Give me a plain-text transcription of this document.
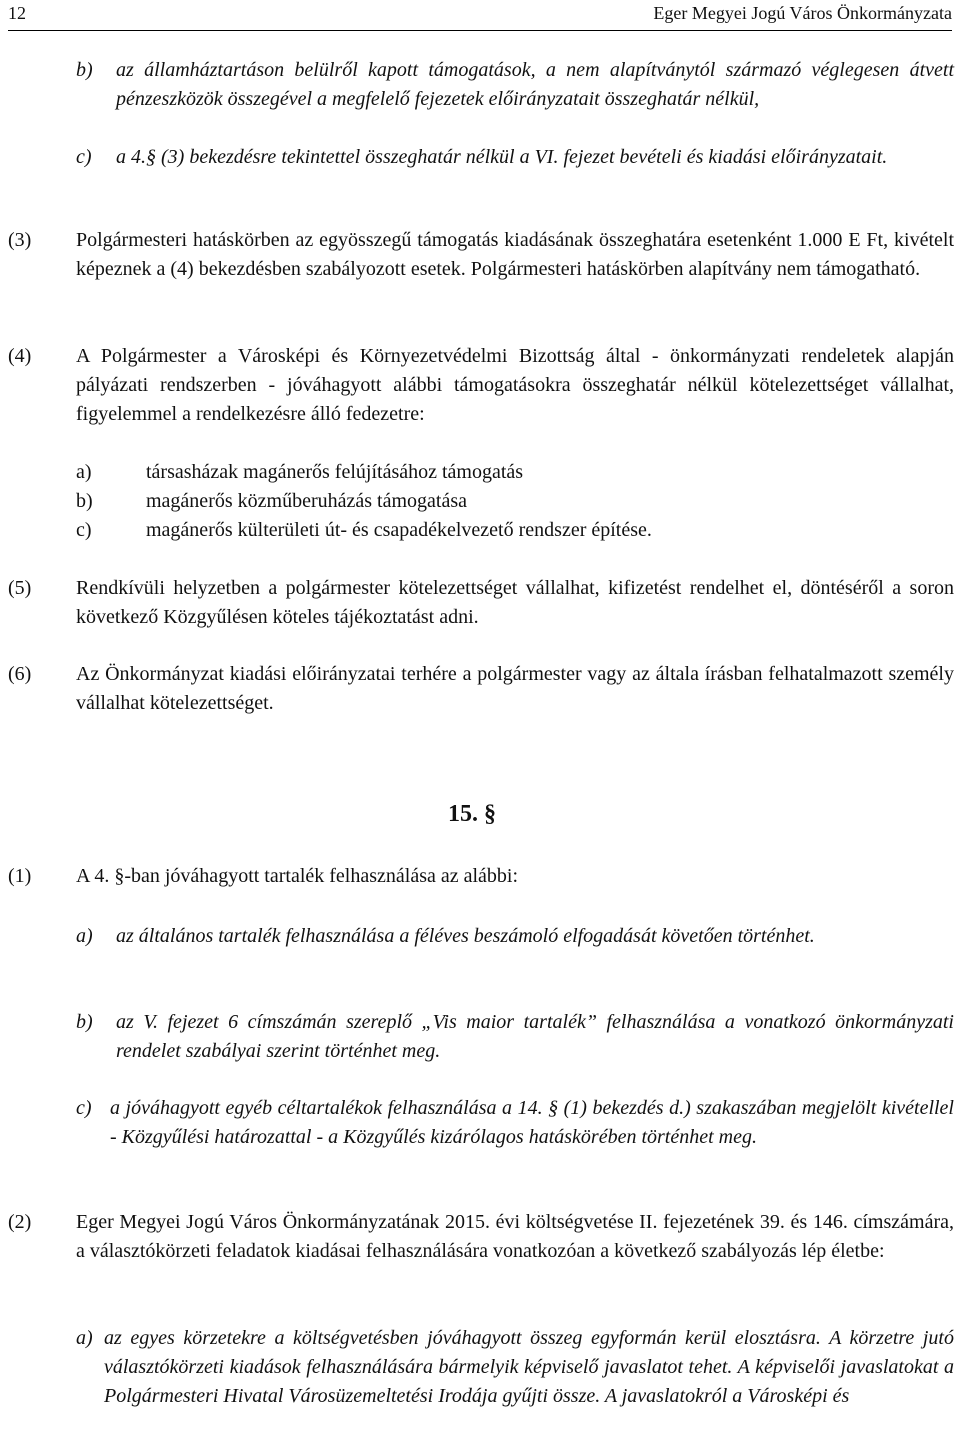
12	Eger Megyei Jogú Város Önkormányzata
b) az államháztartáson belülről kapott támogatások, a nem alapítványtól származó véglegesen átvett pénzeszközök összegével a megfelelő fejezetek előirányzatait összeghatár nélkül,
c) a 4.§ (3) bekezdésre tekintettel összeghatár nélkül a VI. fejezet bevételi és kiadási előirányzatait.
(3) Polgármesteri hatáskörben az egyösszegű támogatás kiadásának összeghatára esetenként 1.000 E Ft, kivételt képeznek a (4) bekezdésben szabályozott esetek. Polgármesteri hatáskörben alapítvány nem támogatható.
(4) A Polgármester a Városképi és Környezetvédelmi Bizottság által - önkormányzati rendeletek alapján pályázati rendszerben - jóváhagyott alábbi támogatásokra összeghatár nélkül kötelezettséget vállalhat, figyelemmel a rendelkezésre álló fedezetre:
a)	társasházak magánerős felújításához támogatás
b)	magánerős közműberuházás támogatása
c)	magánerős külterületi út- és csapadékelvezető rendszer építése.
(5) Rendkívüli helyzetben a polgármester kötelezettséget vállalhat, kifizetést rendelhet el, döntéséről a soron következő Közgyűlésen köteles tájékoztatást adni.
(6) Az Önkormányzat kiadási előirányzatai terhére a polgármester vagy az általa írásban felhatalmazott személy vállalhat kötelezettséget.
15. §
(1) A 4. §-ban jóváhagyott tartalék felhasználása az alábbi:
a) az általános tartalék felhasználása a féléves beszámoló elfogadását követően történhet.
b) az V. fejezet 6 címszámán szereplő „Vis maior tartalék” felhasználása a vonatkozó önkormányzati rendelet szabályai szerint történhet meg.
c) a jóváhagyott egyéb céltartalékok felhasználása a 14. § (1) bekezdés d.) szakaszában megjelölt kivétellel - Közgyűlési határozattal - a Közgyűlés kizárólagos hatáskörében történhet meg.
(2) Eger Megyei Jogú Város Önkormányzatának 2015. évi költségvetése II. fejezetének 39. és 146. címszámára, a választókörzeti feladatok kiadásai felhasználására vonatkozóan a következő szabályozás lép életbe:
a) az egyes körzetekre a költségvetésben jóváhagyott összeg egyformán kerül elosztásra. A körzetre jutó választókörzeti kiadások felhasználására bármelyik képviselő javaslatot tehet. A képviselői javaslatokat a Polgármesteri Hivatal Városüzemeltetési Irodája gyűjti össze. A javaslatokról a Városképi és
